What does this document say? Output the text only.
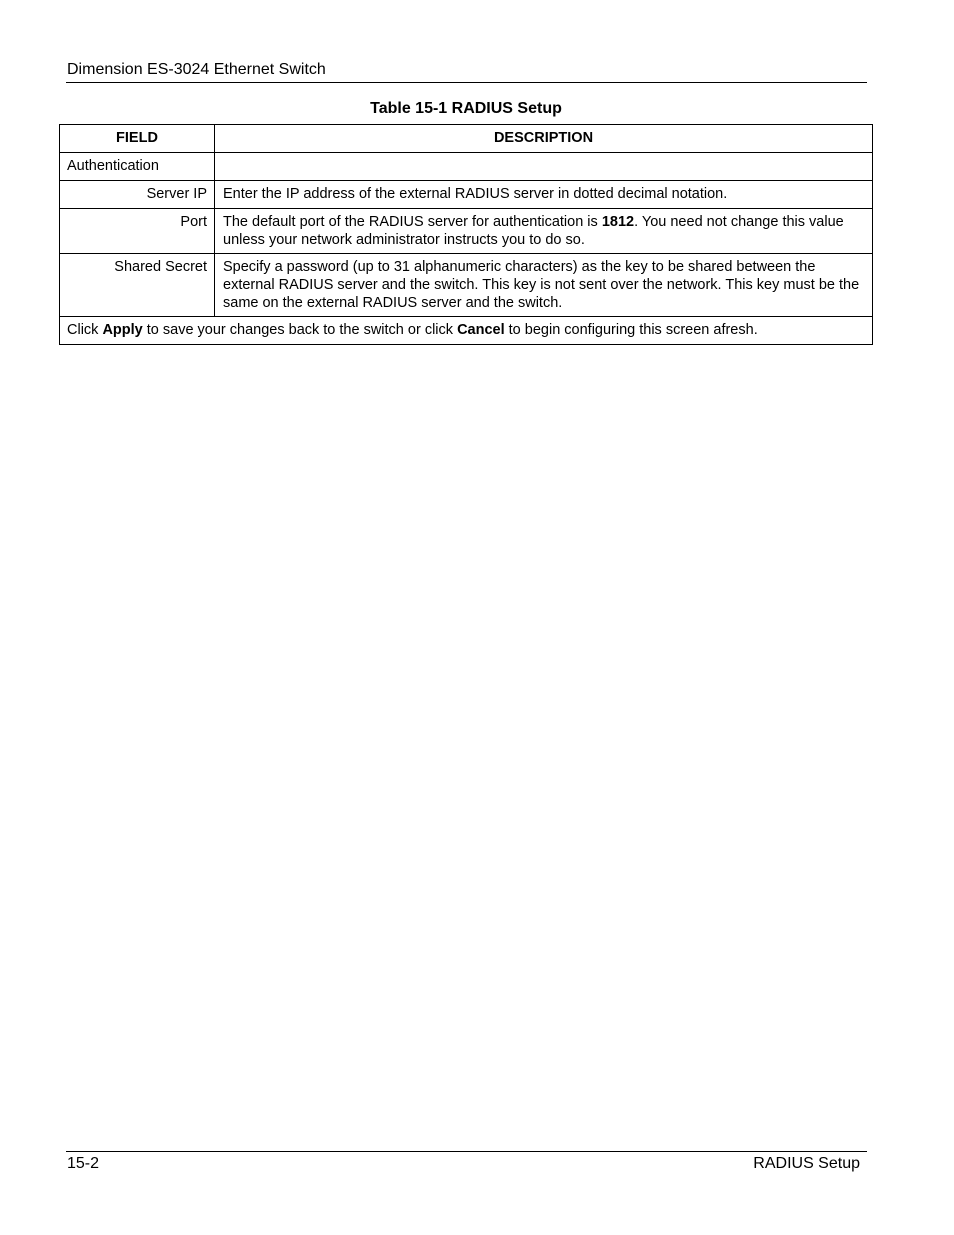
Dimension ES-3024 Ethernet Switch
Table 15-1 RADIUS Setup
FIELD	DESCRIPTION
Authentication	
Server IP	Enter the IP address of the external RADIUS server in dotted decimal notation.
Port	The default port of the RADIUS server for authentication is 1812. You need not change this value unless your network administrator instructs you to do so.
Shared Secret	Specify a password (up to 31 alphanumeric characters) as the key to be shared between the external RADIUS server and the switch. This key is not sent over the network. This key must be the same on the external RADIUS server and the switch.
Click Apply to save your changes back to the switch or click Cancel to begin configuring this screen afresh.	
15-2	RADIUS Setup
